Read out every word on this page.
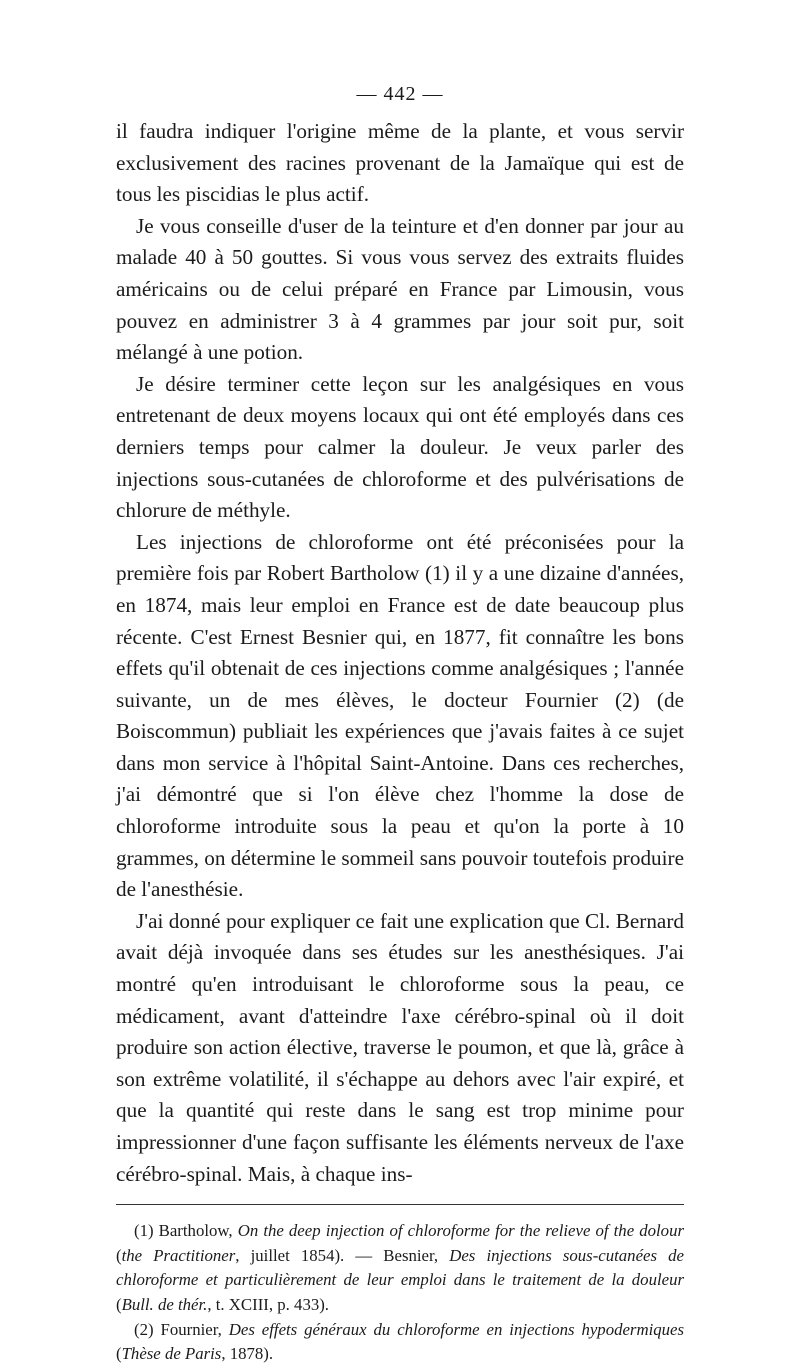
— 442 —

il faudra indiquer l'origine même de la plante, et vous servir exclusivement des racines provenant de la Jamaïque qui est de tous les piscidias le plus actif.

Je vous conseille d'user de la teinture et d'en donner par jour au malade 40 à 50 gouttes. Si vous vous servez des extraits fluides américains ou de celui préparé en France par Limousin, vous pouvez en administrer 3 à 4 grammes par jour soit pur, soit mélangé à une potion.

Je désire terminer cette leçon sur les analgésiques en vous entretenant de deux moyens locaux qui ont été employés dans ces derniers temps pour calmer la douleur. Je veux parler des injections sous-cutanées de chloroforme et des pulvérisations de chlorure de méthyle.

Les injections de chloroforme ont été préconisées pour la première fois par Robert Bartholow (1) il y a une dizaine d'années, en 1874, mais leur emploi en France est de date beaucoup plus récente. C'est Ernest Besnier qui, en 1877, fit connaître les bons effets qu'il obtenait de ces injections comme analgésiques ; l'année suivante, un de mes élèves, le docteur Fournier (2) (de Boiscommun) publiait les expériences que j'avais faites à ce sujet dans mon service à l'hôpital Saint-Antoine. Dans ces recherches, j'ai démontré que si l'on élève chez l'homme la dose de chloroforme introduite sous la peau et qu'on la porte à 10 grammes, on détermine le sommeil sans pouvoir toutefois produire de l'anesthésie.

J'ai donné pour expliquer ce fait une explication que Cl. Bernard avait déjà invoquée dans ses études sur les anesthésiques. J'ai montré qu'en introduisant le chloroforme sous la peau, ce médicament, avant d'atteindre l'axe cérébro-spinal où il doit produire son action élective, traverse le poumon, et que là, grâce à son extrême volatilité, il s'échappe au dehors avec l'air expiré, et que la quantité qui reste dans le sang est trop minime pour impressionner d'une façon suffisante les éléments nerveux de l'axe cérébro-spinal. Mais, à chaque ins-

(1) Bartholow, On the deep injection of chloroforme for the relieve of the dolour (the Practitioner, juillet 1854). — Besnier, Des injections sous-cutanées de chloroforme et particulièrement de leur emploi dans le traitement de la douleur (Bull. de thér., t. XCIII, p. 433).

(2) Fournier, Des effets généraux du chloroforme en injections hypodermiques (Thèse de Paris, 1878).
